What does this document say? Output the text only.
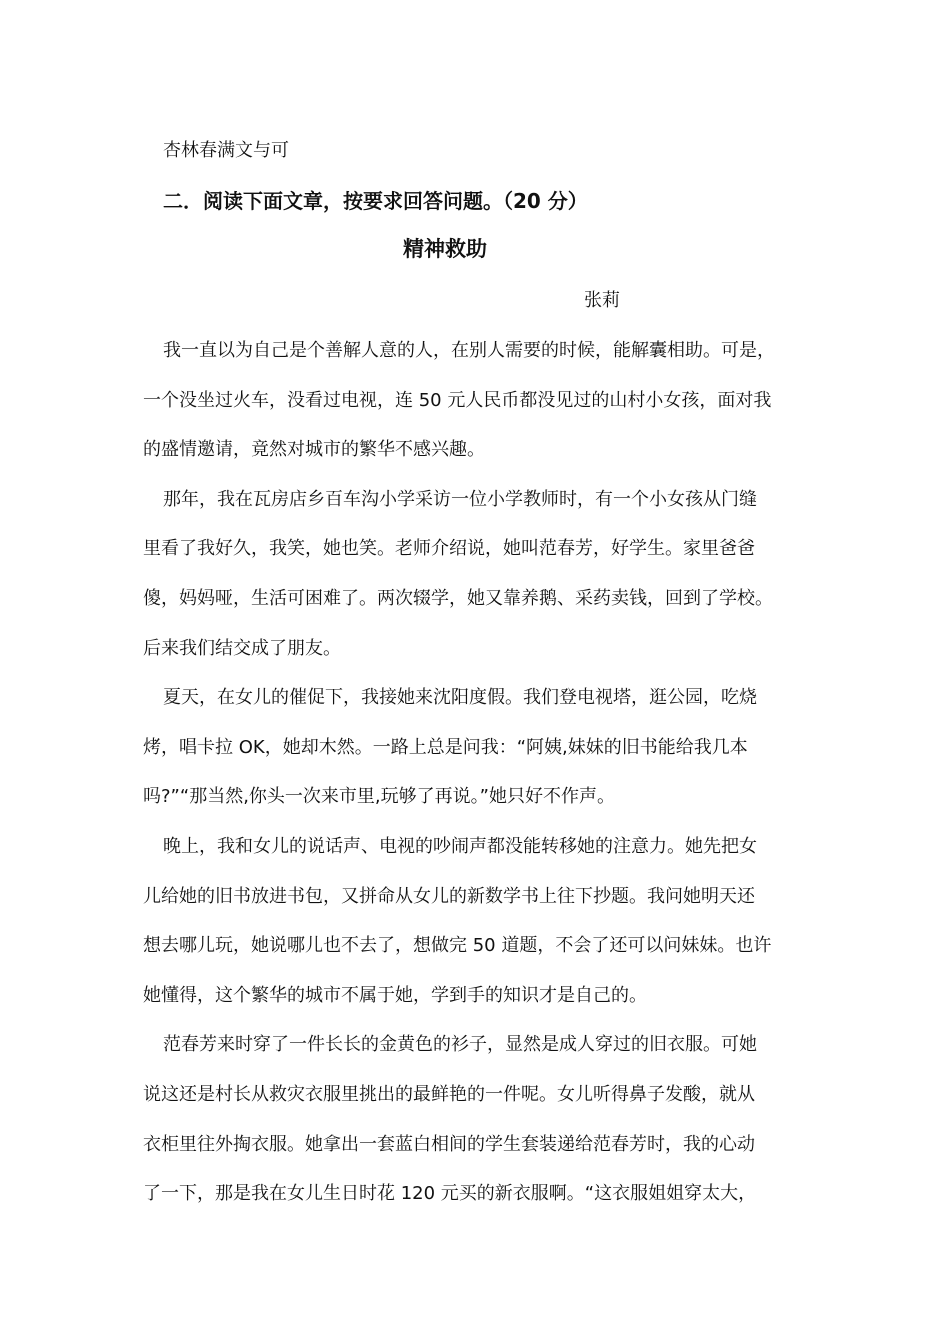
杏林春满文与可
二．阅读下面文章，按要求回答问题。（20 分）
精神救助
张莉
我一直以为自己是个善解人意的人，在别人需要的时候，能解囊相助。可是，
一个没坐过火车，没看过电视，连 50 元人民币都没见过的山村小女孩，面对我
的盛情邀请，竟然对城市的繁华不感兴趣。
那年，我在瓦房店乡百车沟小学采访一位小学教师时，有一个小女孩从门缝
里看了我好久，我笑，她也笑。老师介绍说，她叫范春芳，好学生。家里爸爸
傻，妈妈哑，生活可困难了。两次辍学，她又靠养鹅、采药卖钱，回到了学校。
后来我们结交成了朋友。
夏天，在女儿的催促下，我接她来沈阳度假。我们登电视塔，逛公园，吃烧
烤，唱卡拉 OK，她却木然。一路上总是问我：“阿姨,妹妹的旧书能给我几本
吗?”“那当然,你头一次来市里,玩够了再说。”她只好不作声。
晚上，我和女儿的说话声、电视的吵闹声都没能转移她的注意力。她先把女
儿给她的旧书放进书包，又拼命从女儿的新数学书上往下抄题。我问她明天还
想去哪儿玩，她说哪儿也不去了，想做完 50 道题，不会了还可以问妹妹。也许
她懂得，这个繁华的城市不属于她，学到手的知识才是自己的。
范春芳来时穿了一件长长的金黄色的衫子，显然是成人穿过的旧衣服。可她
说这还是村长从救灾衣服里挑出的最鲜艳的一件呢。女儿听得鼻子发酸，就从
衣柜里往外掏衣服。她拿出一套蓝白相间的学生套装递给范春芳时，我的心动
了一下，那是我在女儿生日时花 120 元买的新衣服啊。“这衣服姐姐穿太大，
